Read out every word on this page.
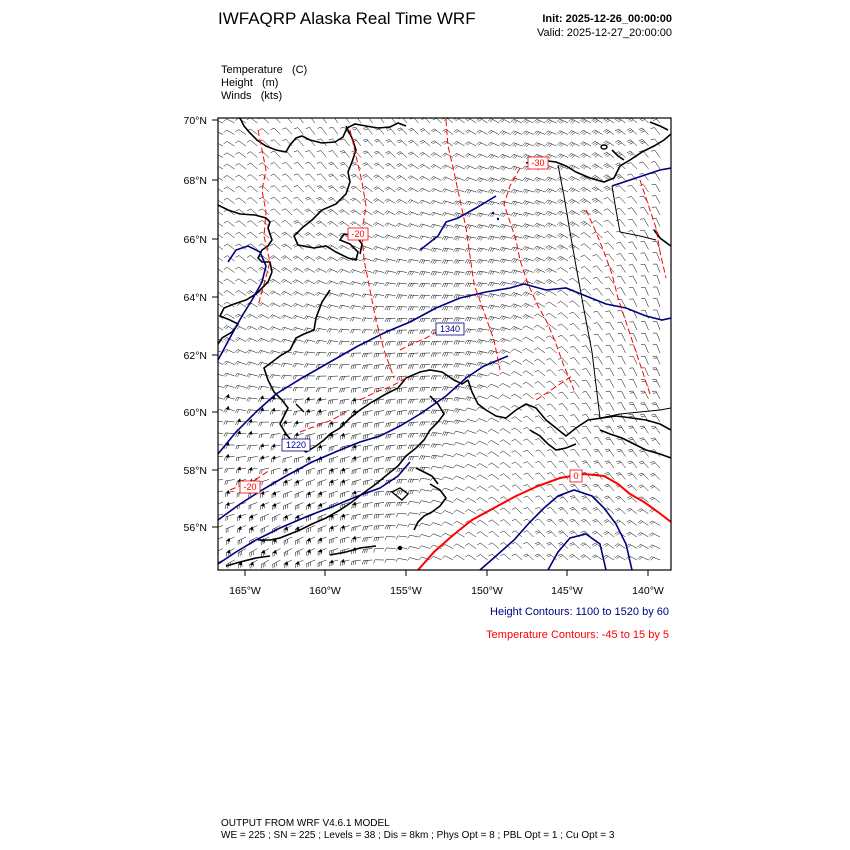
IWFAQRP Alaska Real Time WRF	Init: 2025-12-26_00:00:00
Valid: 2025-12-27_20:00:00
Temperature (C)
Height (m)
Winds (kts)
70°N
68°N
66°N
64°N
62°N
60°N
58°N
56°N
165°W	160°W	155°W	150°W	145°W	140°W
1340
1220
-20
-30
-20
0
Height Contours: 1100 to 1520 by 60
Temperature Contours: -45 to 15 by 5
OUTPUT FROM WRF V4.6.1 MODEL
WE = 225 ; SN = 225 ; Levels = 38 ; Dis = 8km ; Phys Opt = 8 ; PBL Opt = 1 ; Cu Opt = 3
